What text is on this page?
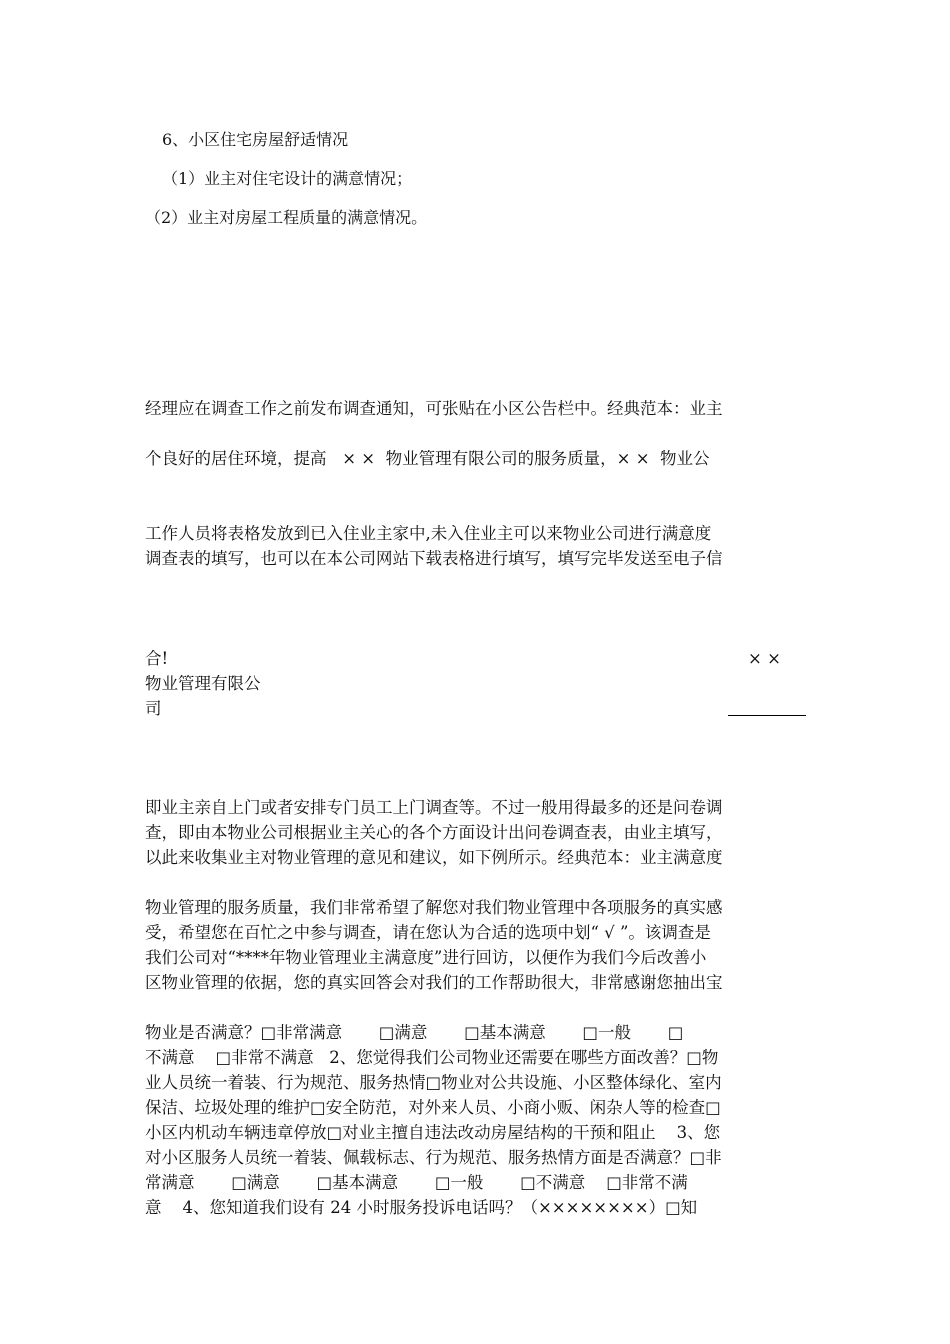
6、小区住宅房屋舒适情况
（1）业主对住宅设计的满意情况；
（2）业主对房屋工程质量的满意情况。

经理应在调查工作之前发布调查通知，可张贴在小区公告栏中。经典范本：业主

个良好的居住环境，提高   × ×  物业管理有限公司的服务质量，× ×  物业公

工作人员将表格发放到已入住业主家中,未入住业主可以来物业公司进行满意度
调查表的填写，也可以在本公司网站下载表格进行填写，填写完毕发送至电子信

合!	× ×
物业管理有限公
司

即业主亲自上门或者安排专门员工上门调查等。不过一般用得最多的还是问卷调
查，即由本物业公司根据业主关心的各个方面设计出问卷调查表，由业主填写，
以此来收集业主对物业管理的意见和建议，如下例所示。经典范本：业主满意度

物业管理的服务质量，我们非常希望了解您对我们物业管理中各项服务的真实感
受，希望您在百忙之中参与调查，请在您认为合适的选项中划“ √ ”。该调查是
我们公司对“****年物业管理业主满意度”进行回访，以便作为我们今后改善小
区物业管理的依据，您的真实回答会对我们的工作帮助很大，非常感谢您抽出宝

物业是否满意？□非常满意       □满意       □基本满意       □一般       □
不满意    □非常不满意   2、您觉得我们公司物业还需要在哪些方面改善？□物
业人员统一着装、行为规范、服务热情□物业对公共设施、小区整体绿化、室内
保洁、垃圾处理的维护□安全防范，对外来人员、小商小贩、闲杂人等的检查□
小区内机动车辆违章停放□对业主擅自违法改动房屋结构的干预和阻止    3、您
对小区服务人员统一着装、佩载标志、行为规范、服务热情方面是否满意？□非
常满意       □满意       □基本满意       □一般       □不满意    □非常不满
意    4、您知道我们设有 24 小时服务投诉电话吗？（××××××××）□知
